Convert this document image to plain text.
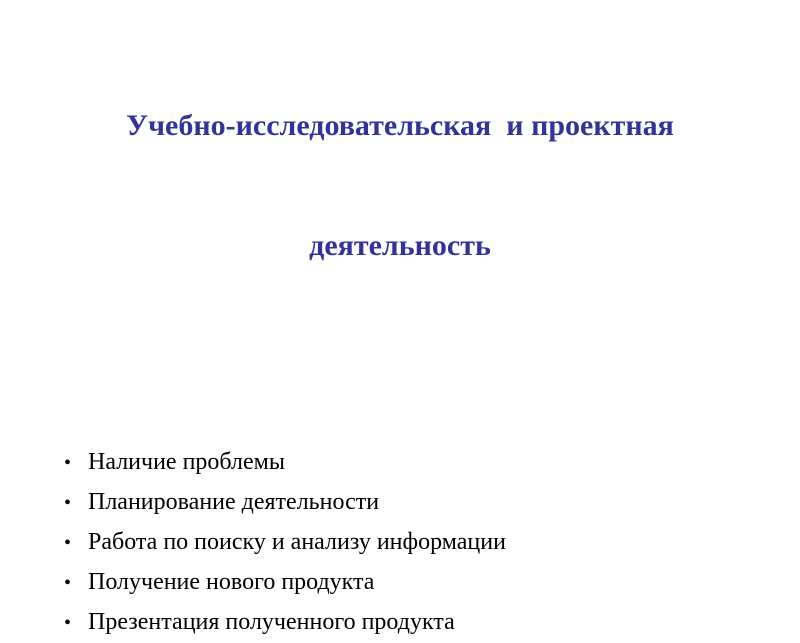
Учебно-исследовательская  и проектная

деятельность

• Наличие проблемы
• Планирование деятельности
• Работа по поиску и анализу информации
• Получение нового продукта
• Презентация полученного продукта
